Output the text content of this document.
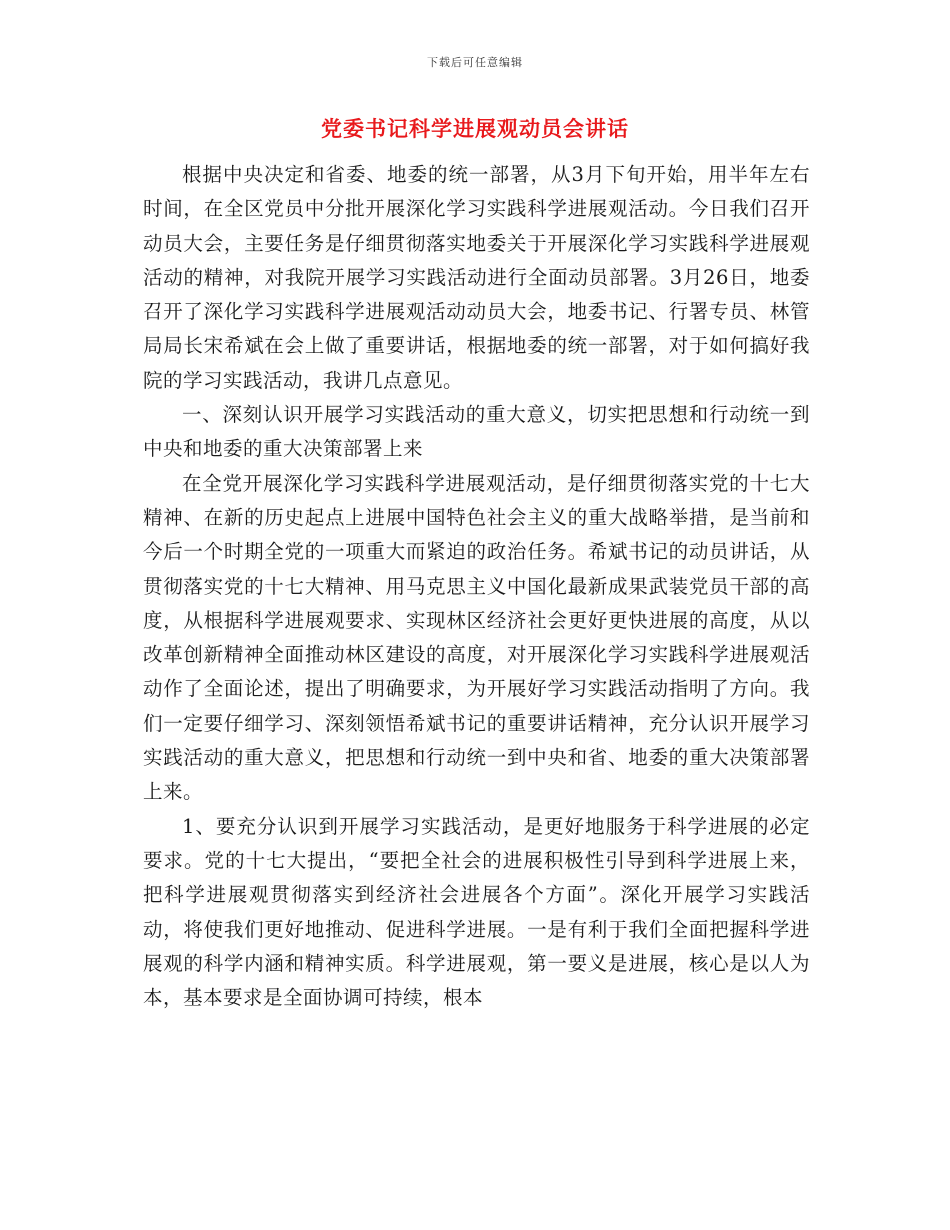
下载后可任意编辑
党委书记科学进展观动员会讲话

根据中央决定和省委、地委的统一部署，从3月下旬开始，用半年左右时间，在全区党员中分批开展深化学习实践科学进展观活动。今日我们召开动员大会，主要任务是仔细贯彻落实地委关于开展深化学习实践科学进展观活动的精神，对我院开展学习实践活动进行全面动员部署。3月26日，地委召开了深化学习实践科学进展观活动动员大会，地委书记、行署专员、林管局局长宋希斌在会上做了重要讲话，根据地委的统一部署，对于如何搞好我院的学习实践活动，我讲几点意见。

一、深刻认识开展学习实践活动的重大意义，切实把思想和行动统一到中央和地委的重大决策部署上来

在全党开展深化学习实践科学进展观活动，是仔细贯彻落实党的十七大精神、在新的历史起点上进展中国特色社会主义的重大战略举措，是当前和今后一个时期全党的一项重大而紧迫的政治任务。希斌书记的动员讲话，从贯彻落实党的十七大精神、用马克思主义中国化最新成果武装党员干部的高度，从根据科学进展观要求、实现林区经济社会更好更快进展的高度，从以改革创新精神全面推动林区建设的高度，对开展深化学习实践科学进展观活动作了全面论述，提出了明确要求，为开展好学习实践活动指明了方向。我们一定要仔细学习、深刻领悟希斌书记的重要讲话精神，充分认识开展学习实践活动的重大意义，把思想和行动统一到中央和省、地委的重大决策部署上来。

1、要充分认识到开展学习实践活动，是更好地服务于科学进展的必定要求。党的十七大提出，“要把全社会的进展积极性引导到科学进展上来，把科学进展观贯彻落实到经济社会进展各个方面”。深化开展学习实践活动，将使我们更好地推动、促进科学进展。一是有利于我们全面把握科学进展观的科学内涵和精神实质。科学进展观，第一要义是进展，核心是以人为本，基本要求是全面协调可持续，根本
